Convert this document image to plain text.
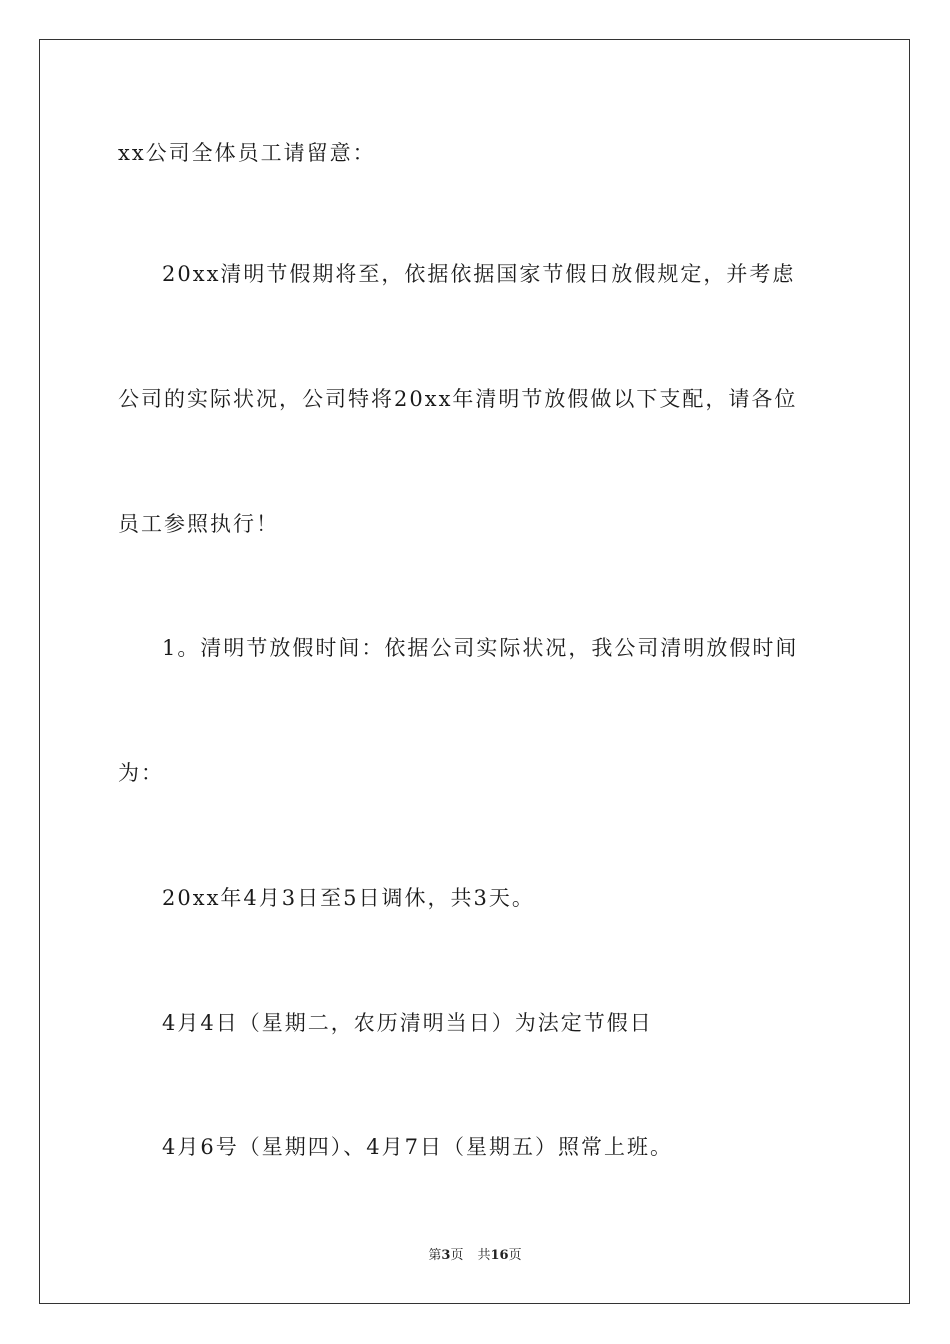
xx公司全体员工请留意：
20xx清明节假期将至，依据依据国家节假日放假规定，并考虑
公司的实际状况，公司特将20xx年清明节放假做以下支配，请各位
员工参照执行！
1。清明节放假时间：依据公司实际状况，我公司清明放假时间
为：
20xx年4月3日至5日调休，共3天。
4月4日（星期二，农历清明当日）为法定节假日
4月6号（星期四）、4月7日（星期五）照常上班。
第3页 共16页
